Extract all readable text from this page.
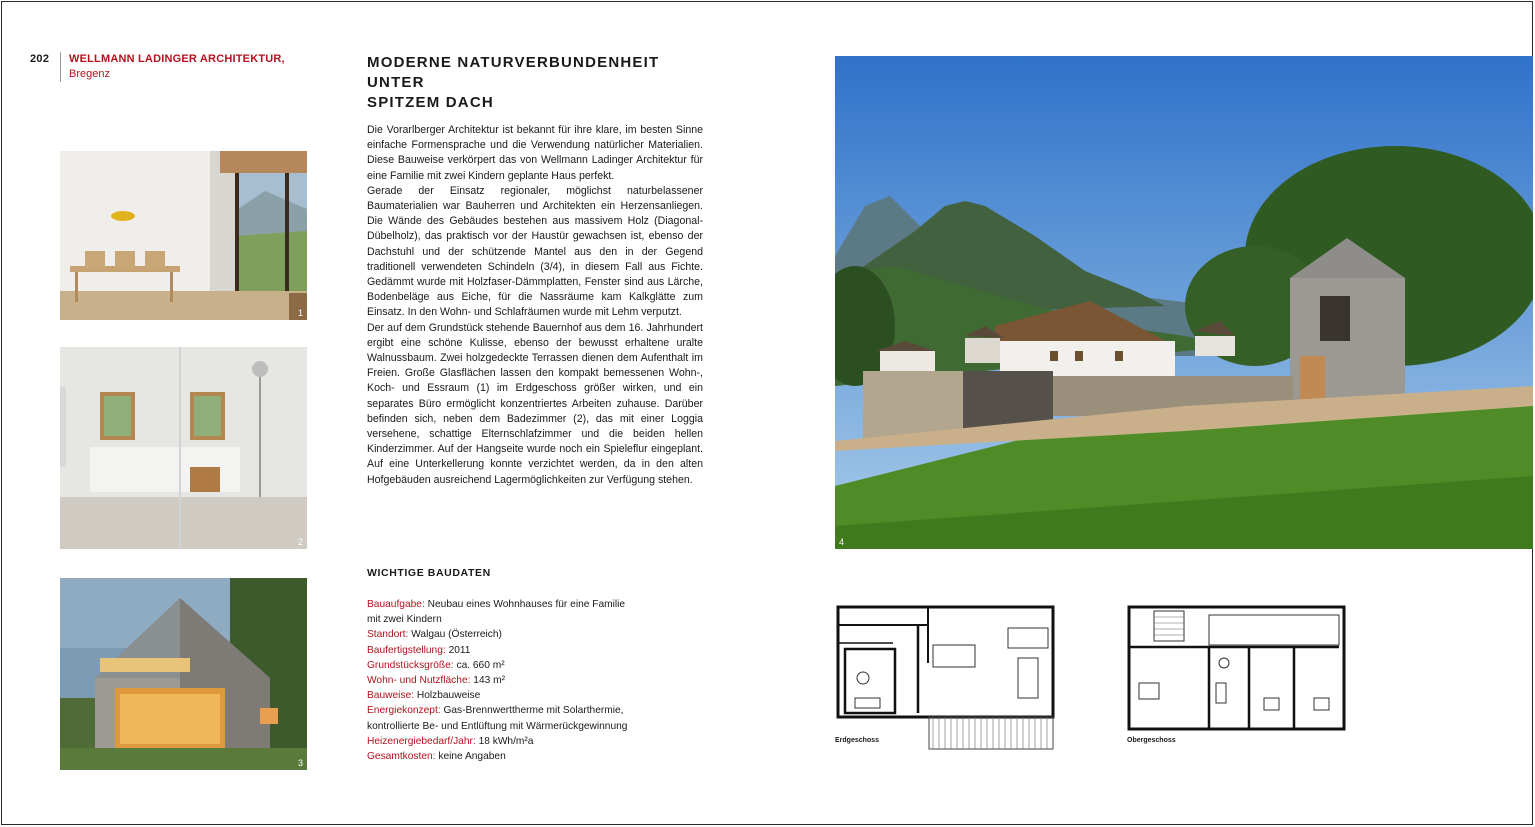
202 WELLMANN LADINGER ARCHITEKTUR,
Bregenz
1
2
3
MODERNE NATURVERBUNDENHEIT UNTER
SPITZEM DACH

Die Vorarlberger Architektur ist bekannt für ihre klare, im besten Sinne einfache Formensprache und die Verwendung natürlicher Materialien. Diese Bauweise verkörpert das von Wellmann Ladinger Architektur für eine Familie mit zwei Kindern geplante Haus perfekt.

Gerade der Einsatz regionaler, möglichst naturbelassener Baumaterialien war Bauherren und Architekten ein Herzensanliegen. Die Wände des Gebäudes bestehen aus massivem Holz (Diagonal-Dübelholz), das praktisch vor der Haustür gewachsen ist, ebenso der Dachstuhl und der schützende Mantel aus den in der Gegend traditionell verwendeten Schindeln (3/4), in diesem Fall aus Fichte. Gedämmt wurde mit Holzfaser-Dämmplatten, Fenster sind aus Lärche, Bodenbeläge aus Eiche, für die Nassräume kam Kalkglätte zum Einsatz. In den Wohn- und Schlafräumen wurde mit Lehm verputzt.

Der auf dem Grundstück stehende Bauernhof aus dem 16. Jahrhundert ergibt eine schöne Kulisse, ebenso der bewusst erhaltene uralte Walnussbaum. Zwei holzgedeckte Terrassen dienen dem Aufenthalt im Freien. Große Glasflächen lassen den kompakt bemessenen Wohn-, Koch- und Essraum (1) im Erdgeschoss größer wirken, und ein separates Büro ermöglicht konzentriertes Arbeiten zuhause. Darüber befinden sich, neben dem Badezimmer (2), das mit einer Loggia versehene, schattige Elternschlafzimmer und die beiden hellen Kinderzimmer. Auf der Hangseite wurde noch ein Spieleflur eingeplant. Auf eine Unterkellerung konnte verzichtet werden, da in den alten Hofgebäuden ausreichend Lagermöglichkeiten zur Verfügung stehen.

WICHTIGE BAUDATEN
Bauaufgabe: Neubau eines Wohnhauses für eine Familie
mit zwei Kindern
Standort: Walgau (Österreich)
Baufertigstellung: 2011
Grundstücksgröße: ca. 660 m²
Wohn- und Nutzfläche: 143 m²
Bauweise: Holzbauweise
Energiekonzept: Gas-Brennwerttherme mit Solarthermie,
kontrollierte Be- und Entlüftung mit Wärmerückgewinnung
Heizenergiebedarf/Jahr: 18 kWh/m²a
Gesamtkosten: keine Angaben
4
Erdgeschoss	Obergeschoss
